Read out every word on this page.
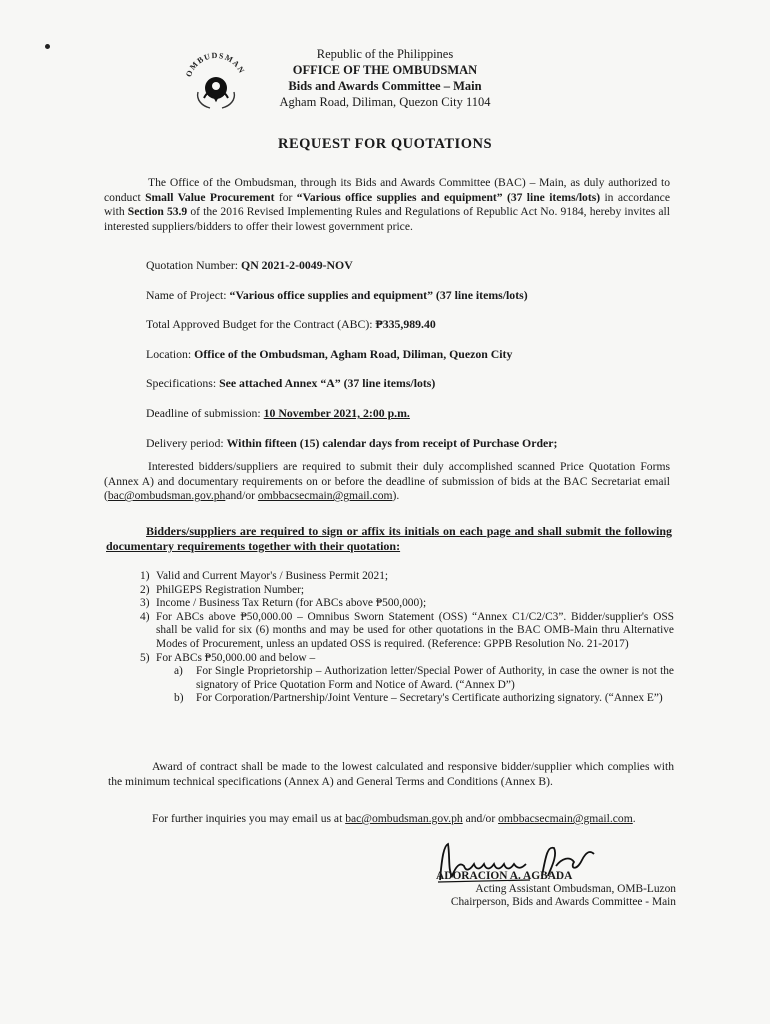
OMBUDSMAN
Republic of the Philippines
OFFICE OF THE OMBUDSMAN
Bids and Awards Committee – Main
Agham Road, Diliman, Quezon City 1104
REQUEST FOR QUOTATIONS
The Office of the Ombudsman, through its Bids and Awards Committee (BAC) – Main, as duly authorized to conduct Small Value Procurement for “Various office supplies and equipment” (37 line items/lots) in accordance with Section 53.9 of the 2016 Revised Implementing Rules and Regulations of Republic Act No. 9184, hereby invites all interested suppliers/bidders to offer their lowest government price.
Quotation Number: QN 2021-2-0049-NOV
Name of Project: “Various office supplies and equipment” (37 line items/lots)
Total Approved Budget for the Contract (ABC): ₱335,989.40
Location: Office of the Ombudsman, Agham Road, Diliman, Quezon City
Specifications: See attached Annex “A” (37 line items/lots)
Deadline of submission: 10 November 2021, 2:00 p.m.
Delivery period: Within fifteen (15) calendar days from receipt of Purchase Order;
Interested bidders/suppliers are required to submit their duly accomplished scanned Price Quotation Forms (Annex A) and documentary requirements on or before the deadline of submission of bids at the BAC Secretariat email (bac@ombudsman.gov.phand/or ombbacsecmain@gmail.com).
Bidders/suppliers are required to sign or affix its initials on each page and shall submit the following documentary requirements together with their quotation:
1) Valid and Current Mayor's / Business Permit 2021;
2) PhilGEPS Registration Number;
3) Income / Business Tax Return (for ABCs above ₱500,000);
4) For ABCs above ₱50,000.00 – Omnibus Sworn Statement (OSS) “Annex C1/C2/C3”. Bidder/supplier's OSS shall be valid for six (6) months and may be used for other quotations in the BAC OMB-Main thru Alternative Modes of Procurement, unless an updated OSS is required. (Reference: GPPB Resolution No. 21-2017)
5) For ABCs ₱50,000.00 and below –
a)	For Single Proprietorship – Authorization letter/Special Power of Authority, in case the owner is not the signatory of Price Quotation Form and Notice of Award. (“Annex D”)
b)	For Corporation/Partnership/Joint Venture – Secretary's Certificate authorizing signatory. (“Annex E”)
Award of contract shall be made to the lowest calculated and responsive bidder/supplier which complies with the minimum technical specifications (Annex A) and General Terms and Conditions (Annex B).
For further inquiries you may email us at bac@ombudsman.gov.ph and/or ombbacsecmain@gmail.com.
ADORACION A. AGBADA
Acting Assistant Ombudsman, OMB-Luzon
Chairperson, Bids and Awards Committee - Main
